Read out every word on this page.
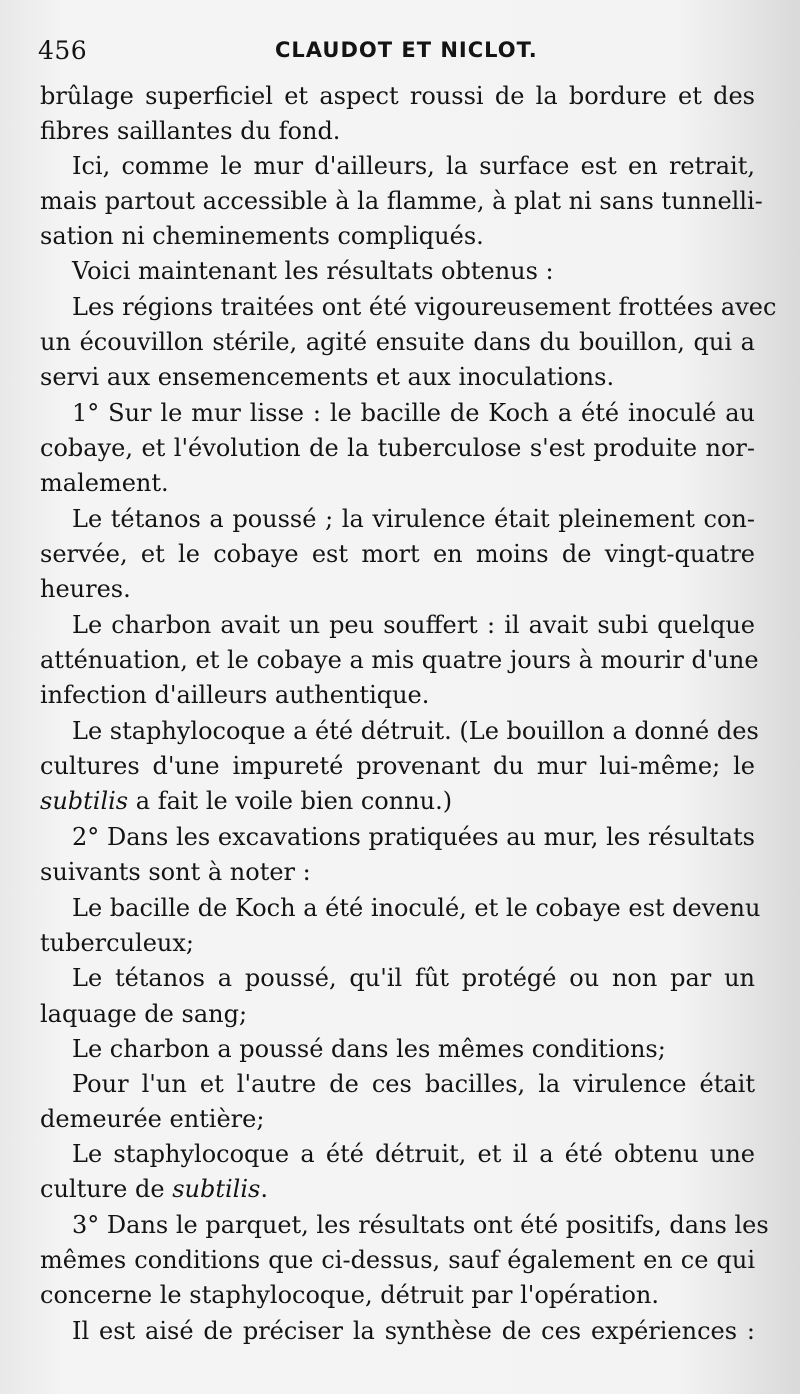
456	CLAUDOT ET NICLOT.
brûlage superficiel et aspect roussi de la bordure et des
fibres saillantes du fond.
Ici, comme le mur d'ailleurs, la surface est en retrait,
mais partout accessible à la flamme, à plat ni sans tunnelli-
sation ni cheminements compliqués.
Voici maintenant les résultats obtenus :
Les régions traitées ont été vigoureusement frottées avec
un écouvillon stérile, agité ensuite dans du bouillon, qui a
servi aux ensemencements et aux inoculations.
1° Sur le mur lisse : le bacille de Koch a été inoculé au
cobaye, et l'évolution de la tuberculose s'est produite nor-
malement.
Le tétanos a poussé ; la virulence était pleinement con-
servée, et le cobaye est mort en moins de vingt-quatre
heures.
Le charbon avait un peu souffert : il avait subi quelque
atténuation, et le cobaye a mis quatre jours à mourir d'une
infection d'ailleurs authentique.
Le staphylocoque a été détruit. (Le bouillon a donné des
cultures d'une impureté provenant du mur lui-même; le
subtilis a fait le voile bien connu.)
2° Dans les excavations pratiquées au mur, les résultats
suivants sont à noter :
Le bacille de Koch a été inoculé, et le cobaye est devenu
tuberculeux;
Le tétanos a poussé, qu'il fût protégé ou non par un
laquage de sang;
Le charbon a poussé dans les mêmes conditions;
Pour l'un et l'autre de ces bacilles, la virulence était
demeurée entière;
Le staphylocoque a été détruit, et il a été obtenu une
culture de subtilis.
3° Dans le parquet, les résultats ont été positifs, dans les
mêmes conditions que ci-dessus, sauf également en ce qui
concerne le staphylocoque, détruit par l'opération.
Il est aisé de préciser la synthèse de ces expériences :
